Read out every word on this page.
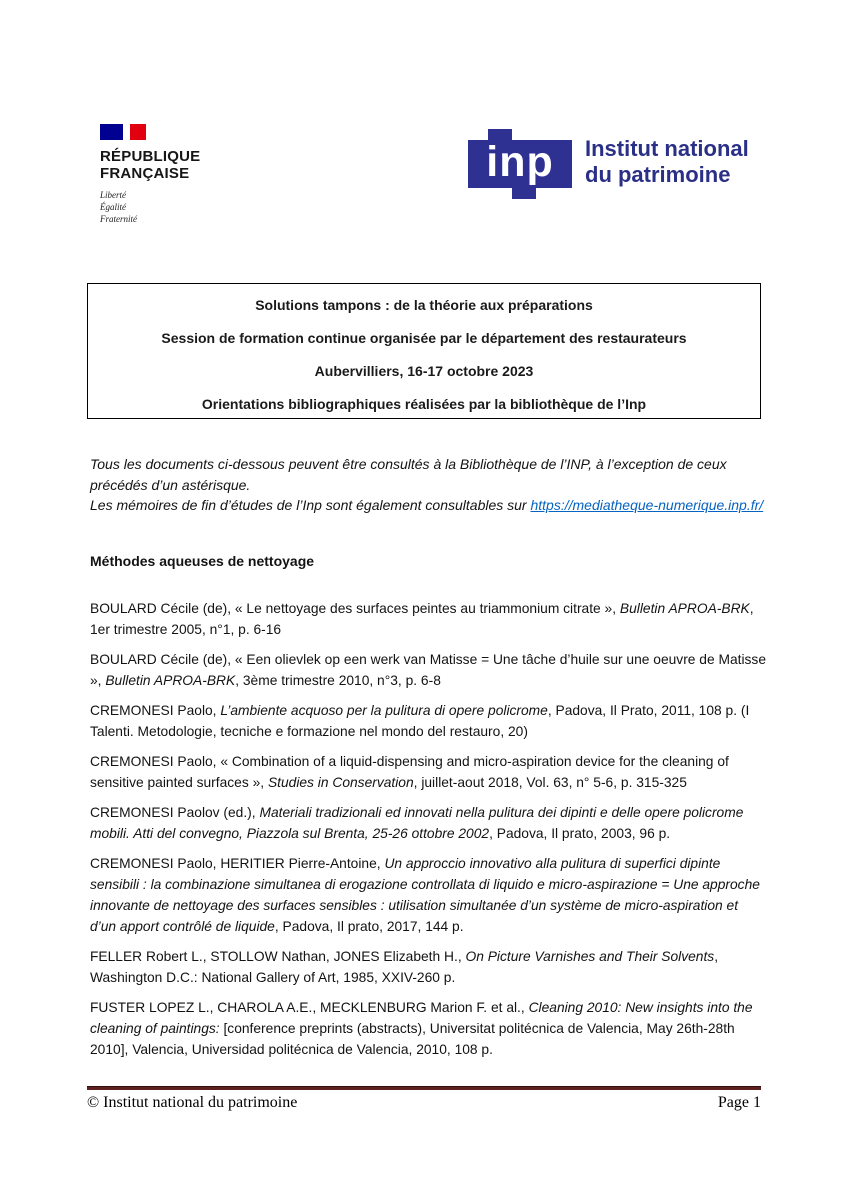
RÉPUBLIQUE
FRANÇAISE
Liberté
Égalité
Fraternité
inp	Institut national
du patrimoine

Solutions tampons : de la théorie aux préparations

Session de formation continue organisée par le département des restaurateurs

Aubervilliers, 16-17 octobre 2023

Orientations bibliographiques réalisées par la bibliothèque de l’Inp

Tous les documents ci-dessous peuvent être consultés à la Bibliothèque de l’INP, à l’exception de ceux précédés d’un astérisque.
Les mémoires de fin d’études de l’Inp sont également consultables sur https://mediatheque-numerique.inp.fr/
Méthodes aqueuses de nettoyage

BOULARD Cécile (de), « Le nettoyage des surfaces peintes au triammonium citrate », Bulletin APROA-BRK, 1er trimestre 2005, n°1, p. 6-16

BOULARD Cécile (de), « Een olievlek op een werk van Matisse = Une tâche d’huile sur une oeuvre de Matisse », Bulletin APROA-BRK, 3ème trimestre 2010, n°3, p. 6-8

CREMONESI Paolo, L’ambiente acquoso per la pulitura di opere policrome, Padova, Il Prato, 2011, 108 p. (I Talenti. Metodologie, tecniche e formazione nel mondo del restauro, 20)

CREMONESI Paolo, « Combination of a liquid-dispensing and micro-aspiration device for the cleaning of sensitive painted surfaces », Studies in Conservation, juillet-aout 2018, Vol. 63, n° 5-6, p. 315-325

CREMONESI Paolov (ed.), Materiali tradizionali ed innovati nella pulitura dei dipinti e delle opere policrome mobili. Atti del convegno, Piazzola sul Brenta, 25-26 ottobre 2002, Padova, Il prato, 2003, 96 p.

CREMONESI Paolo, HERITIER Pierre-Antoine, Un approccio innovativo alla pulitura di superfici dipinte sensibili : la combinazione simultanea di erogazione controllata di liquido e micro-aspirazione = Une approche innovante de nettoyage des surfaces sensibles : utilisation simultanée d’un système de micro-aspiration et d’un apport contrôlé de liquide, Padova, Il prato, 2017, 144 p.

FELLER Robert L., STOLLOW Nathan, JONES Elizabeth H., On Picture Varnishes and Their Solvents, Washington D.C.: National Gallery of Art, 1985, XXIV-260 p.

FUSTER LOPEZ L., CHAROLA A.E., MECKLENBURG Marion F. et al., Cleaning 2010: New insights into the cleaning of paintings: [conference preprints (abstracts), Universitat politécnica de Valencia, May 26th-28th 2010], Valencia, Universidad politécnica de Valencia, 2010, 108 p.

© Institut national du patrimoine	Page 1
